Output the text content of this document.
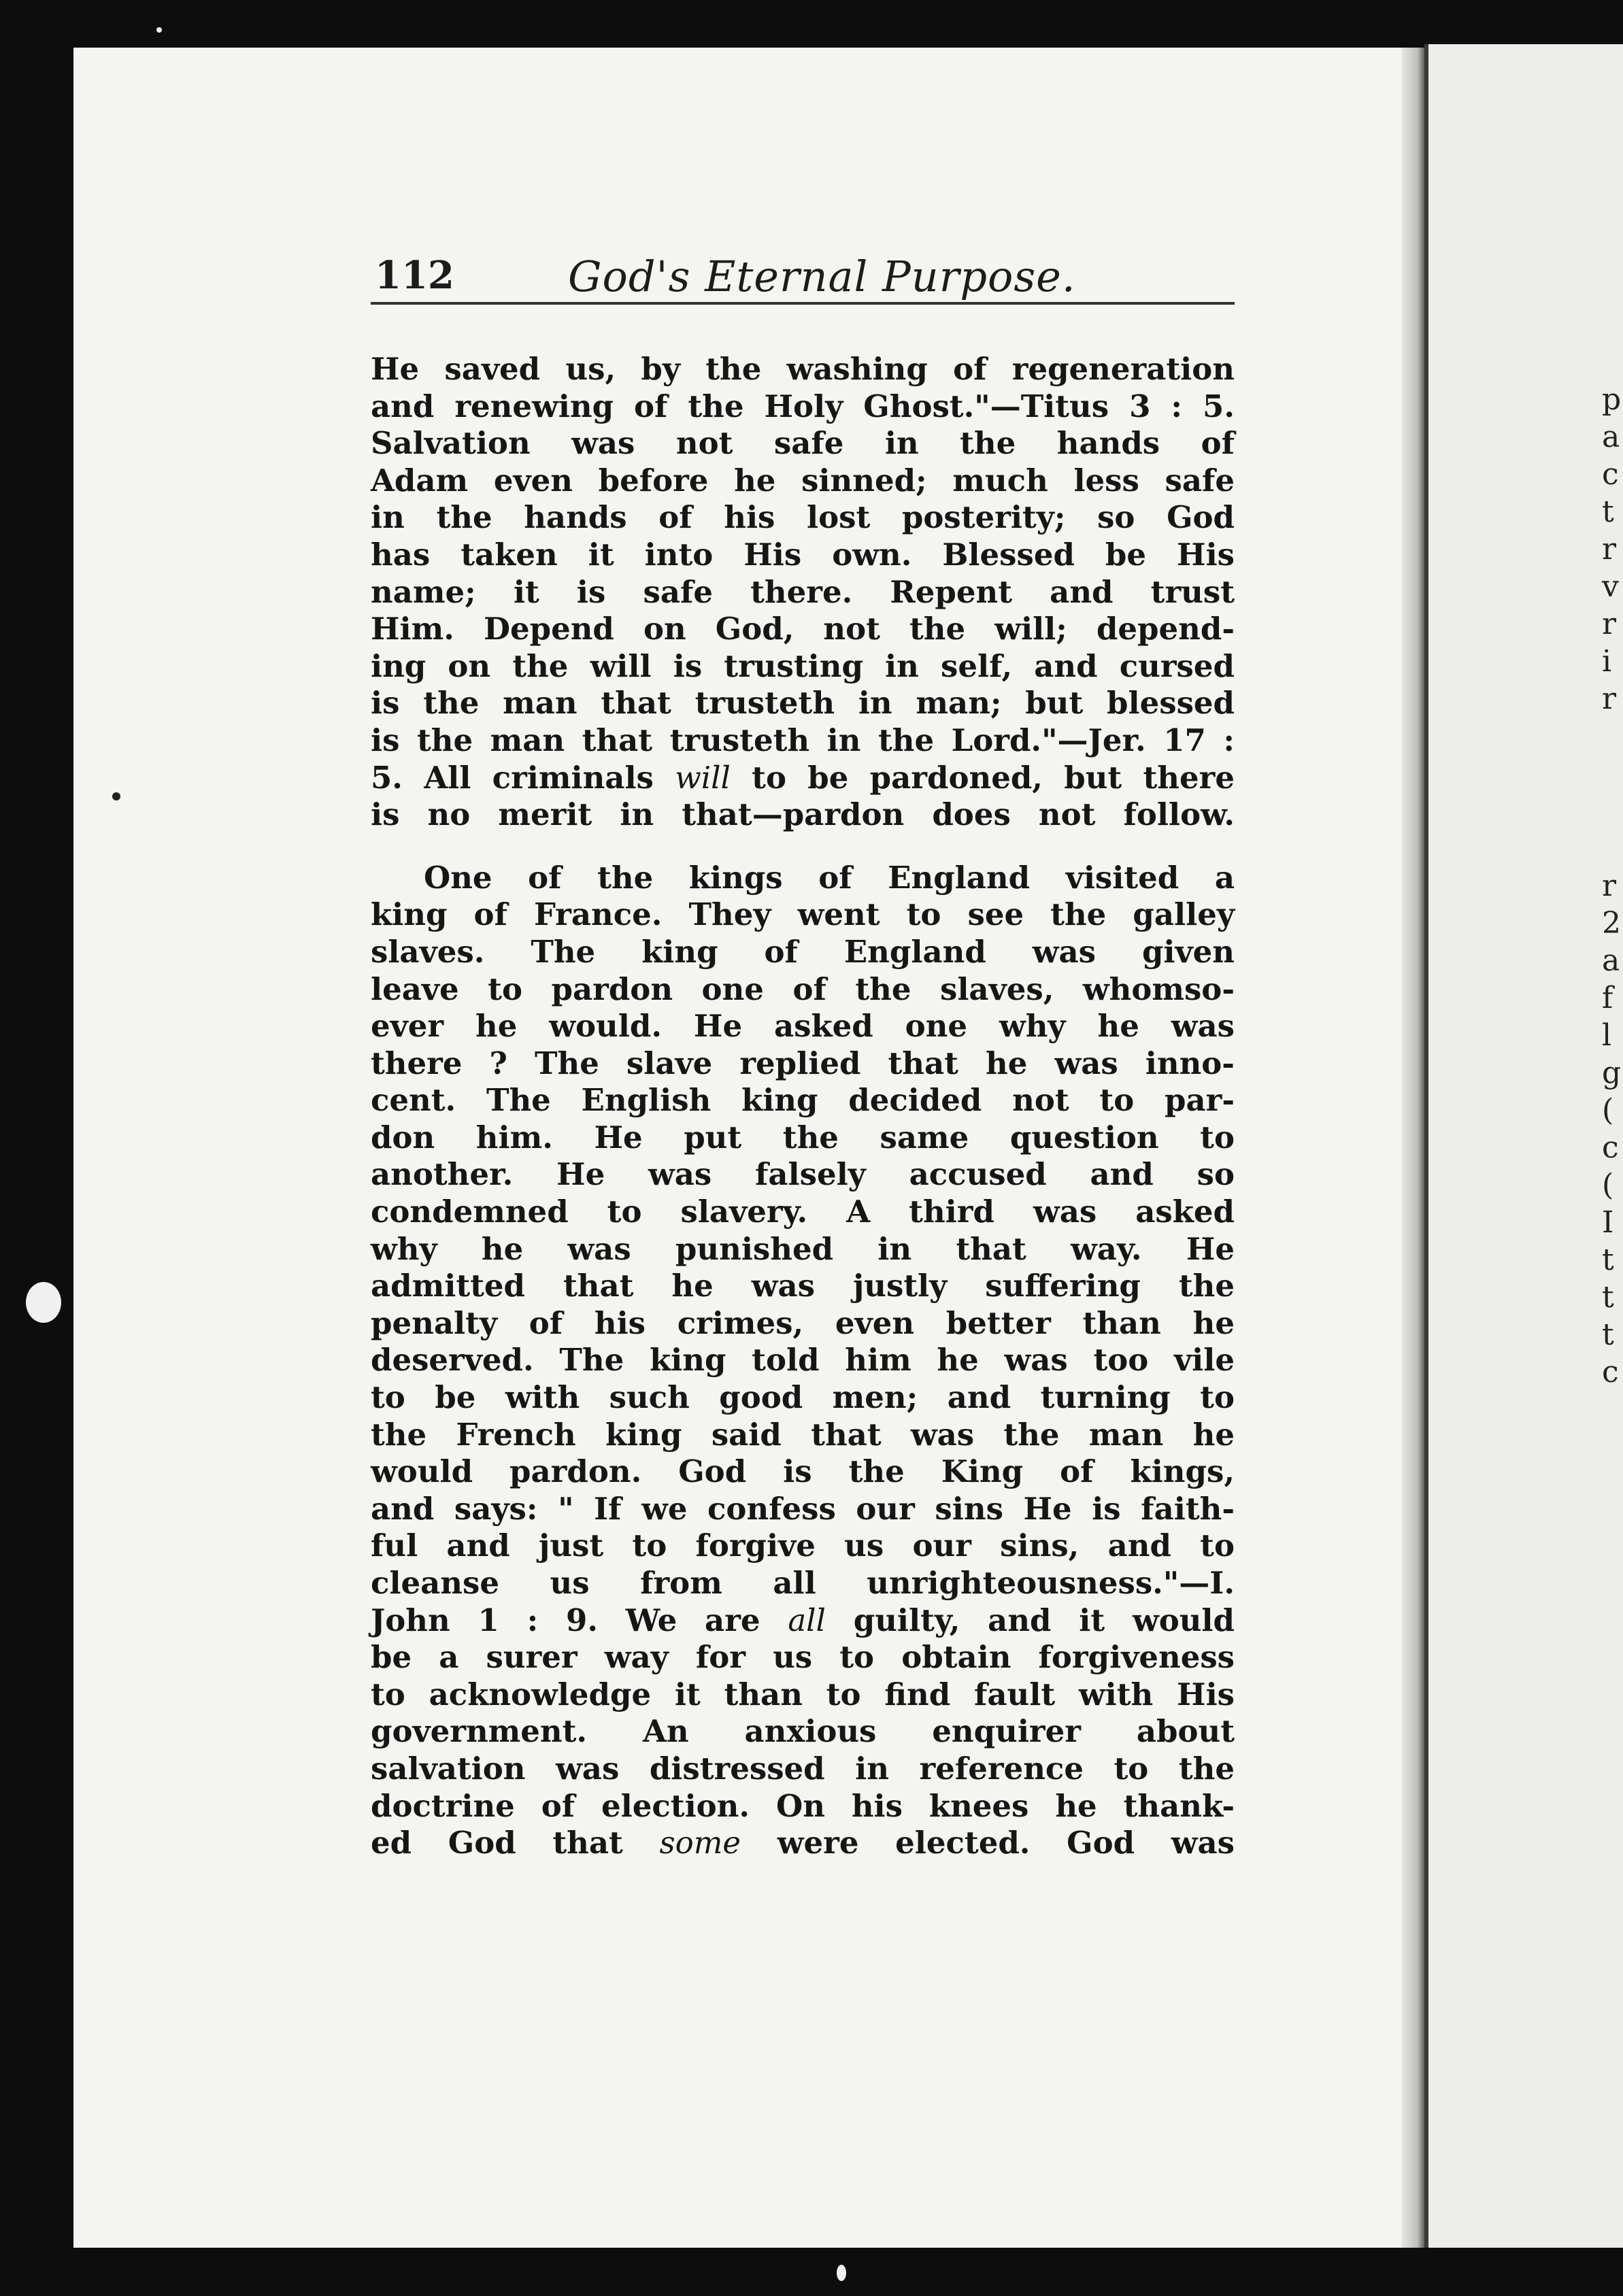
p
a
c
t
r
v
r
i
r

r
2
a
f
l
g
(
c
(
I
t
t
t
c
112	God's Eternal Purpose.
He saved us, by the washing of regeneration
and renewing of the Holy Ghost."—Titus 3 : 5.
Salvation was not safe in the hands of
Adam even before he sinned; much less safe
in the hands of his lost posterity; so God
has taken it into His own. Blessed be His
name; it is safe there. Repent and trust
Him. Depend on God, not the will; depend-
ing on the will is trusting in self, and cursed
is the man that trusteth in man; but blessed
is the man that trusteth in the Lord."—Jer. 17 :
5. All criminals will to be pardoned, but there
is no merit in that—pardon does not follow.
One of the kings of England visited a
king of France. They went to see the galley
slaves. The king of England was given
leave to pardon one of the slaves, whomso-
ever he would. He asked one why he was
there ? The slave replied that he was inno-
cent. The English king decided not to par-
don him. He put the same question to
another. He was falsely accused and so
condemned to slavery. A third was asked
why he was punished in that way. He
admitted that he was justly suffering the
penalty of his crimes, even better than he
deserved. The king told him he was too vile
to be with such good men; and turning to
the French king said that was the man he
would pardon. God is the King of kings,
and says: " If we confess our sins He is faith-
ful and just to forgive us our sins, and to
cleanse us from all unrighteousness."—I.
John 1 : 9. We are all guilty, and it would
be a surer way for us to obtain forgiveness
to acknowledge it than to find fault with His
government. An anxious enquirer about
salvation was distressed in reference to the
doctrine of election. On his knees he thank-
ed God that some were elected. God was
